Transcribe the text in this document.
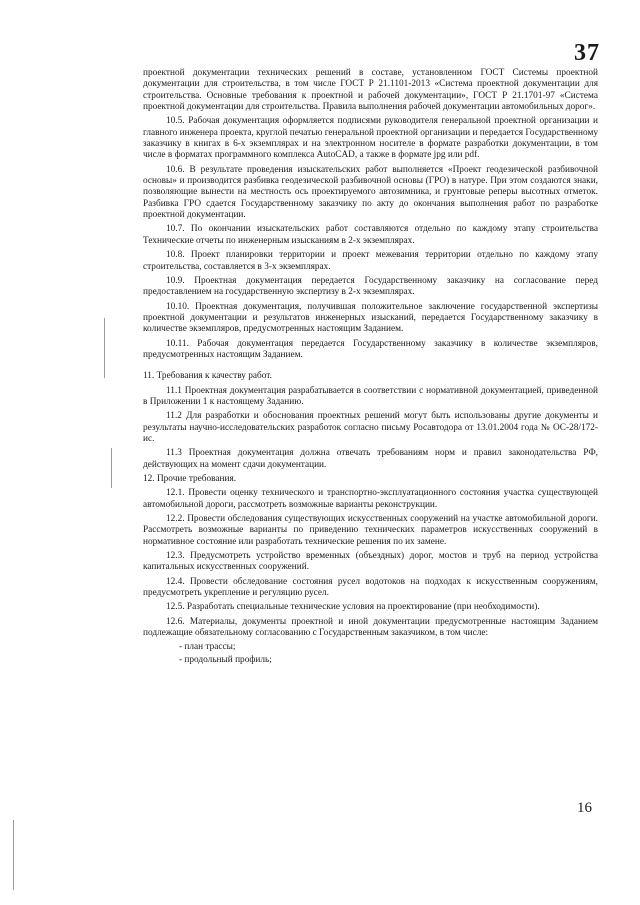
37

проектной документации технических решений в составе, установленном ГОСТ Системы проектной документации для строительства, в том числе ГОСТ Р 21.1101-2013 «Система проектной документации для строительства. Основные требования к проектной и рабочей документации», ГОСТ Р 21.1701-97 «Система проектной документации для строительства. Правила выполнения рабочей документации автомобильных дорог».

10.5. Рабочая документация оформляется подписями руководителя генеральной проектной организации и главного инженера проекта, круглой печатью генеральной проектной организации и передается Государственному заказчику в книгах в 6-х экземплярах и на электронном носителе в формате разработки документации, в том числе в форматах программного комплекса AutoCAD, а также в формате jpg или pdf.

10.6. В результате проведения изыскательских работ выполняется «Проект геодезической разбивочной основы» и производится разбивка геодезической разбивочной основы (ГРО) в натуре. При этом создаются знаки, позволяющие вынести на местность ось проектируемого автозимника, и грунтовые реперы высотных отметок. Разбивка ГРО сдается Государственному заказчику по акту до окончания выполнения работ по разработке проектной документации.

10.7. По окончании изыскательских работ составляются отдельно по каждому этапу строительства Технические отчеты по инженерным изысканиям в 2-х экземплярах.

10.8. Проект планировки территории и проект межевания территории отдельно по каждому этапу строительства, составляется в 3-х экземплярах.

10.9. Проектная документация передается Государственному заказчику на согласование перед предоставлением на государственную экспертизу в 2-х экземплярах.

10.10. Проектная документация, получившая положительное заключение государственной экспертизы проектной документации и результатов инженерных изысканий, передается Государственному заказчику в количестве экземпляров, предусмотренных настоящим Заданием.

10.11. Рабочая документация передается Государственному заказчику в количестве экземпляров, предусмотренных настоящим Заданием.

11. Требования к качеству работ.

11.1 Проектная документация разрабатывается в соответствии с нормативной документацией, приведенной в Приложении 1 к настоящему Заданию.

11.2 Для разработки и обоснования проектных решений могут быть использованы другие документы и результаты научно-исследовательских разработок согласно письму Росавтодора от 13.01.2004 года № ОС-28/172-ис.

11.3 Проектная документация должна отвечать требованиям норм и правил законодательства РФ, действующих на момент сдачи документации.

12. Прочие требования.

12.1. Провести оценку технического и транспортно-эксплуатационного состояния участка существующей автомобильной дороги, рассмотреть возможные варианты реконструкции.

12.2. Провести обследования существующих искусственных сооружений на участке автомобильной дороги. Рассмотреть возможные варианты по приведению технических параметров искусственных сооружений в нормативное состояние или разработать технические решения по их замене.

12.3. Предусмотреть устройство временных (объездных) дорог, мостов и труб на период устройства капитальных искусственных сооружений.

12.4. Провести обследование состояния русел водотоков на подходах к искусственным сооружениям, предусмотреть укрепление и регуляцию русел.

12.5. Разработать специальные технические условия на проектирование (при необходимости).

12.6. Материалы, документы проектной и иной документации предусмотренные настоящим Заданием подлежащие обязательному согласованию с Государственным заказчиком, в том числе:

- план трассы;

- продольный профиль;

16
